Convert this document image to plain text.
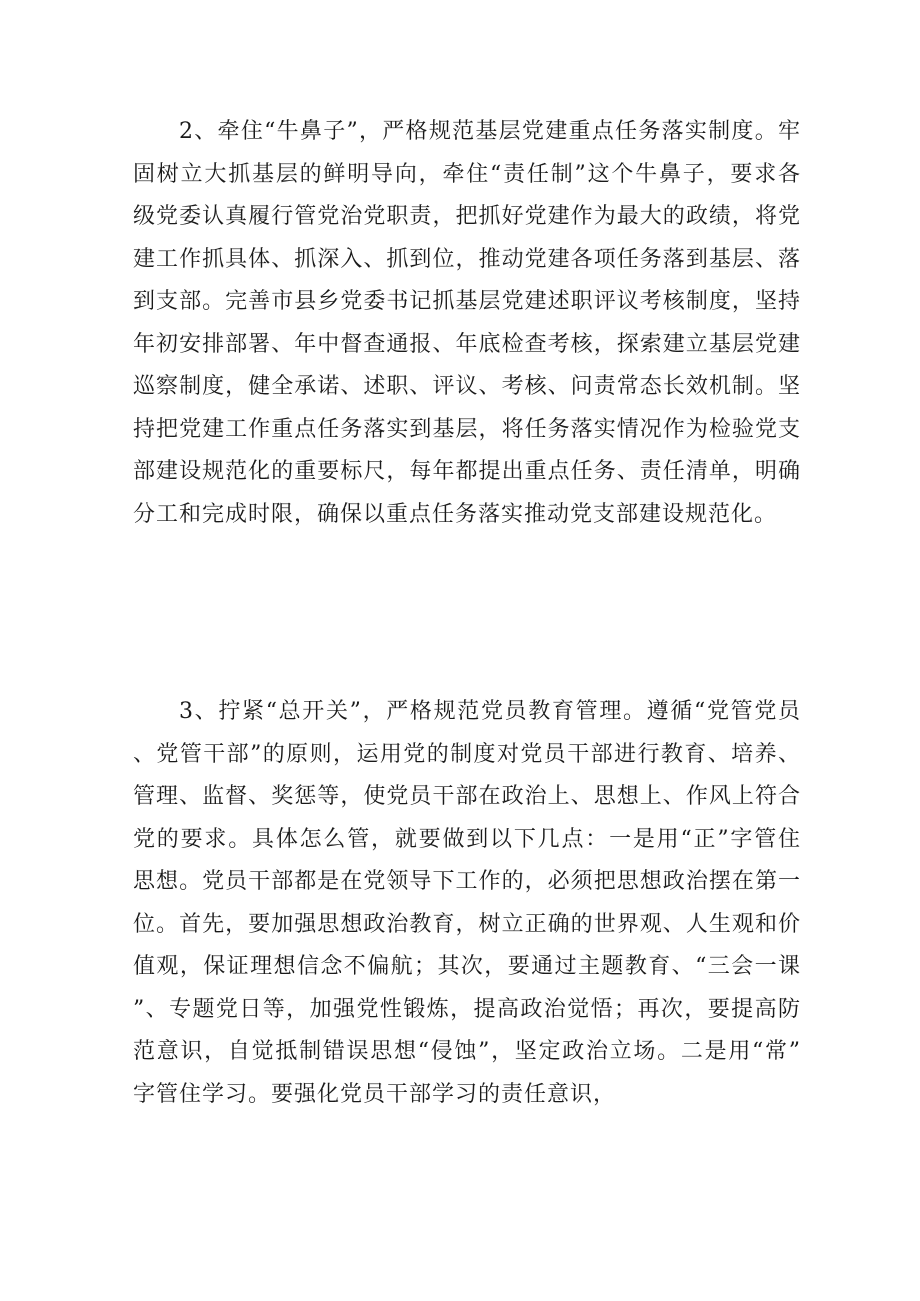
2、牵住“牛鼻子”，严格规范基层党建重点任务落实制度。牢固树立大抓基层的鲜明导向，牵住“责任制”这个牛鼻子，要求各级党委认真履行管党治党职责，把抓好党建作为最大的政绩，将党建工作抓具体、抓深入、抓到位，推动党建各项任务落到基层、落到支部。完善市县乡党委书记抓基层党建述职评议考核制度，坚持年初安排部署、年中督查通报、年底检查考核，探索建立基层党建巡察制度，健全承诺、述职、评议、考核、问责常态长效机制。坚持把党建工作重点任务落实到基层，将任务落实情况作为检验党支部建设规范化的重要标尺，每年都提出重点任务、责任清单，明确分工和完成时限，确保以重点任务落实推动党支部建设规范化。

3、拧紧“总开关”，严格规范党员教育管理。遵循“党管党员、党管干部”的原则，运用党的制度对党员干部进行教育、培养、管理、监督、奖惩等，使党员干部在政治上、思想上、作风上符合党的要求。具体怎么管，就要做到以下几点：一是用“正”字管住思想。党员干部都是在党领导下工作的，必须把思想政治摆在第一位。首先，要加强思想政治教育，树立正确的世界观、人生观和价值观，保证理想信念不偏航；其次，要通过主题教育、“三会一课”、专题党日等，加强党性锻炼，提高政治觉悟；再次，要提高防范意识，自觉抵制错误思想“侵蚀”，坚定政治立场。二是用“常”字管住学习。要强化党员干部学习的责任意识，
